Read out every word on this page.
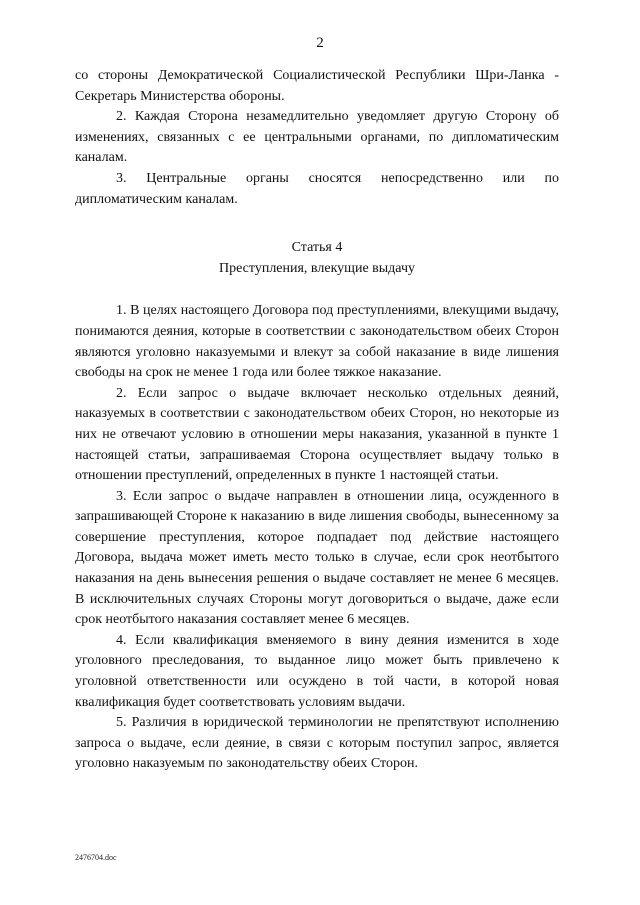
2

со стороны Демократической Социалистической Республики Шри-Ланка - Секретарь Министерства обороны.

2. Каждая Сторона незамедлительно уведомляет другую Сторону об изменениях, связанных с ее центральными органами, по дипломатическим каналам.

3. Центральные органы сносятся непосредственно или по дипломатическим каналам.

Статья 4
Преступления, влекущие выдачу

1. В целях настоящего Договора под преступлениями, влекущими выдачу, понимаются деяния, которые в соответствии с законодательством обеих Сторон являются уголовно наказуемыми и влекут за собой наказание в виде лишения свободы на срок не менее 1 года или более тяжкое наказание.

2. Если запрос о выдаче включает несколько отдельных деяний, наказуемых в соответствии с законодательством обеих Сторон, но некоторые из них не отвечают условию в отношении меры наказания, указанной в пункте 1 настоящей статьи, запрашиваемая Сторона осуществляет выдачу только в отношении преступлений, определенных в пункте 1 настоящей статьи.

3. Если запрос о выдаче направлен в отношении лица, осужденного в запрашивающей Стороне к наказанию в виде лишения свободы, вынесенному за совершение преступления, которое подпадает под действие настоящего Договора, выдача может иметь место только в случае, если срок неотбытого наказания на день вынесения решения о выдаче составляет не менее 6 месяцев. В исключительных случаях Стороны могут договориться о выдаче, даже если срок неотбытого наказания составляет менее 6 месяцев.

4. Если квалификация вменяемого в вину деяния изменится в ходе уголовного преследования, то выданное лицо может быть привлечено к уголовной ответственности или осуждено в той части, в которой новая квалификация будет соответствовать условиям выдачи.

5. Различия в юридической терминологии не препятствуют исполнению запроса о выдаче, если деяние, в связи с которым поступил запрос, является уголовно наказуемым по законодательству обеих Сторон.

2476704.doc
